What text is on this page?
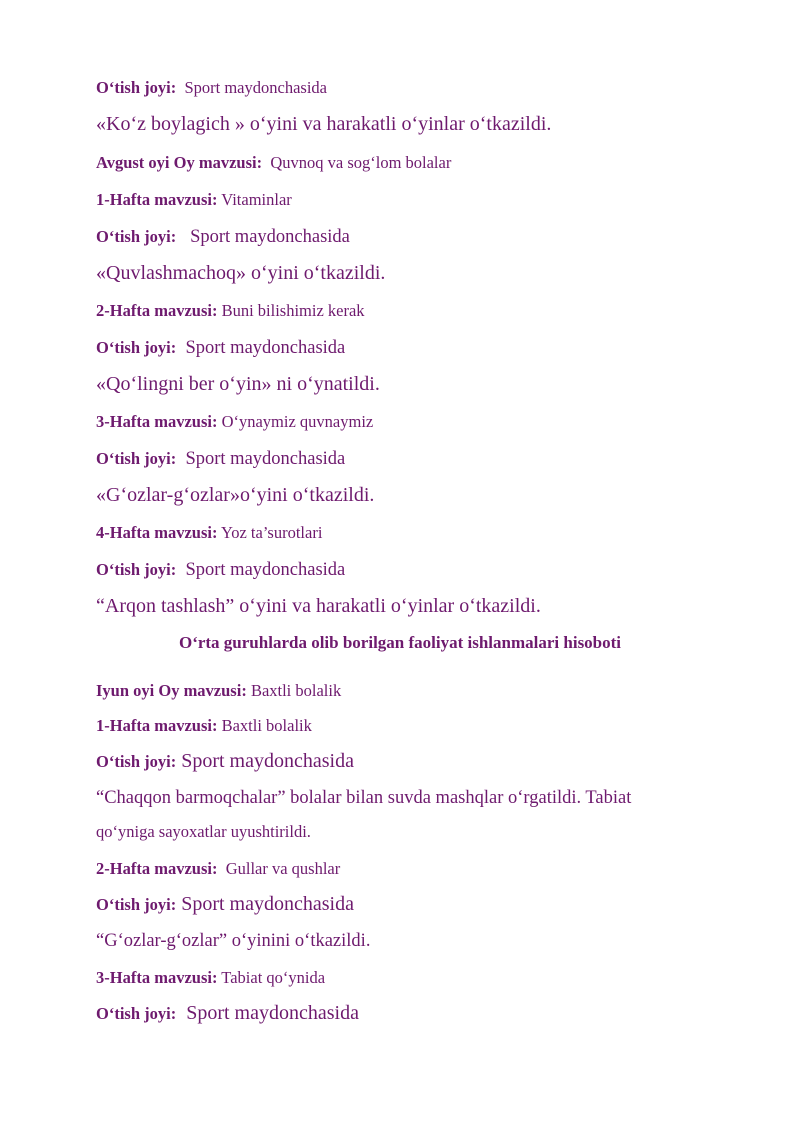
O‘tish joyi:  Sport maydonchasida
«Ko‘z boylagich » o‘yini va harakatli o‘yinlar o‘tkazildi.
Avgust oyi Oy mavzusi:  Quvnoq va sog‘lom bolalar
1-Hafta mavzusi: Vitaminlar
O‘tish joyi:   Sport maydonchasida
«Quvlashmachoq» o‘yini o‘tkazildi.
2-Hafta mavzusi: Buni bilishimiz kerak
O‘tish joyi:  Sport maydonchasida
«Qo‘lingni ber o‘yin» ni o‘ynatildi.
3-Hafta mavzusi: O‘ynaymiz quvnaymiz
O‘tish joyi:  Sport maydonchasida
«G‘ozlar-g‘ozlar»o‘yini o‘tkazildi.
4-Hafta mavzusi: Yoz ta’surotlari
O‘tish joyi:  Sport maydonchasida
“Arqon tashlash” o‘yini va harakatli o‘yinlar o‘tkazildi.
O‘rta guruhlarda olib borilgan faoliyat ishlanmalari hisoboti
Iyun oyi Oy mavzusi: Baxtli bolalik
1-Hafta mavzusi: Baxtli bolalik
O‘tish joyi: Sport maydonchasida
“Chaqqon barmoqchalar” bolalar bilan suvda mashqlar o‘rgatildi. Tabiat
qo‘yniga sayoxatlar uyushtirildi.
2-Hafta mavzusi:  Gullar va qushlar
O‘tish joyi: Sport maydonchasida
“G‘ozlar-g‘ozlar” o‘yinini o‘tkazildi.
3-Hafta mavzusi: Tabiat qo‘ynida
O‘tish joyi:  Sport maydonchasida
